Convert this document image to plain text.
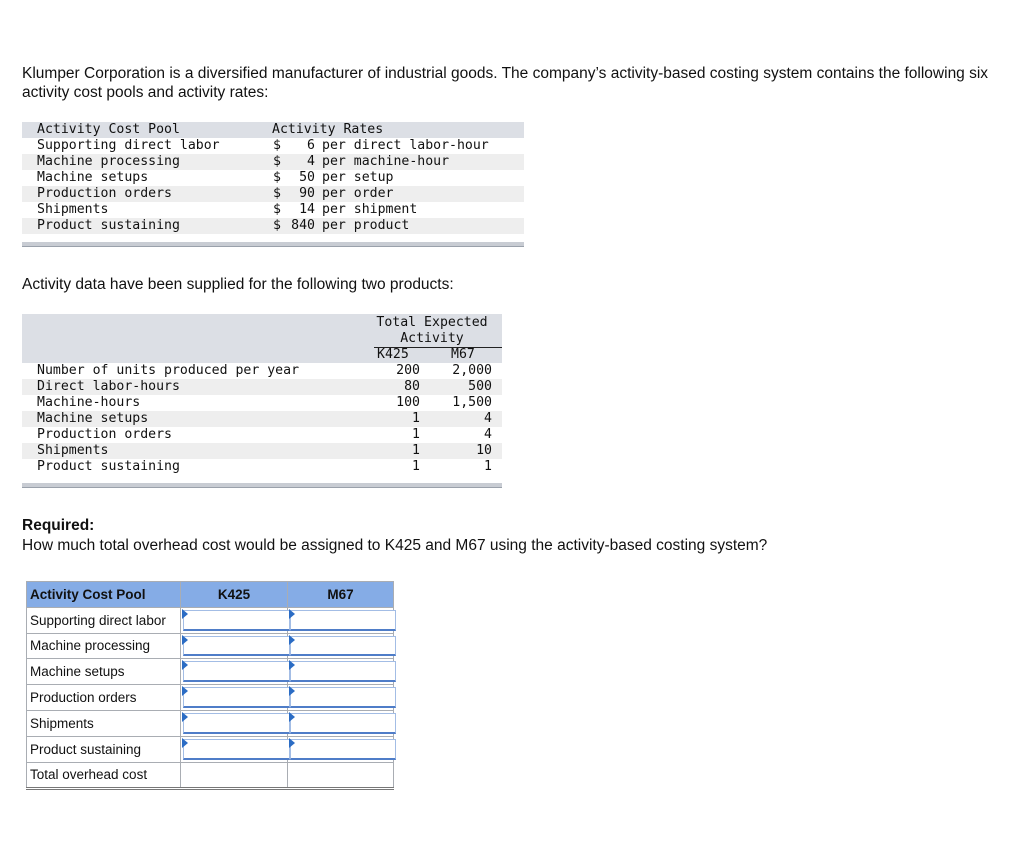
Klumper Corporation is a diversified manufacturer of industrial goods. The company’s activity-based costing system contains the following six activity cost pools and activity rates:
Activity Cost Pool	Activity Rates
Supporting direct labor	$	6 per direct labor-hour
Machine processing	$	4 per machine-hour
Machine setups	$	50 per setup
Production orders	$	90 per order
Shipments	$	14 per shipment
Product sustaining	$ 840 per product
Activity data have been supplied for the following two products:
Total Expected
Activity
K425	M67
Number of units produced per year	200	2,000
Direct labor-hours	80	500
Machine-hours	100	1,500
Machine setups	1	4
Production orders	1	4
Shipments	1	10
Product sustaining	1	1
Required:
How much total overhead cost would be assigned to K425 and M67 using the activity-based costing system?
Activity Cost Pool	K425	M67
Supporting direct labor	

Machine processing	

Machine setups	

Production orders	

Shipments	

Product sustaining	

Total overhead cost		
